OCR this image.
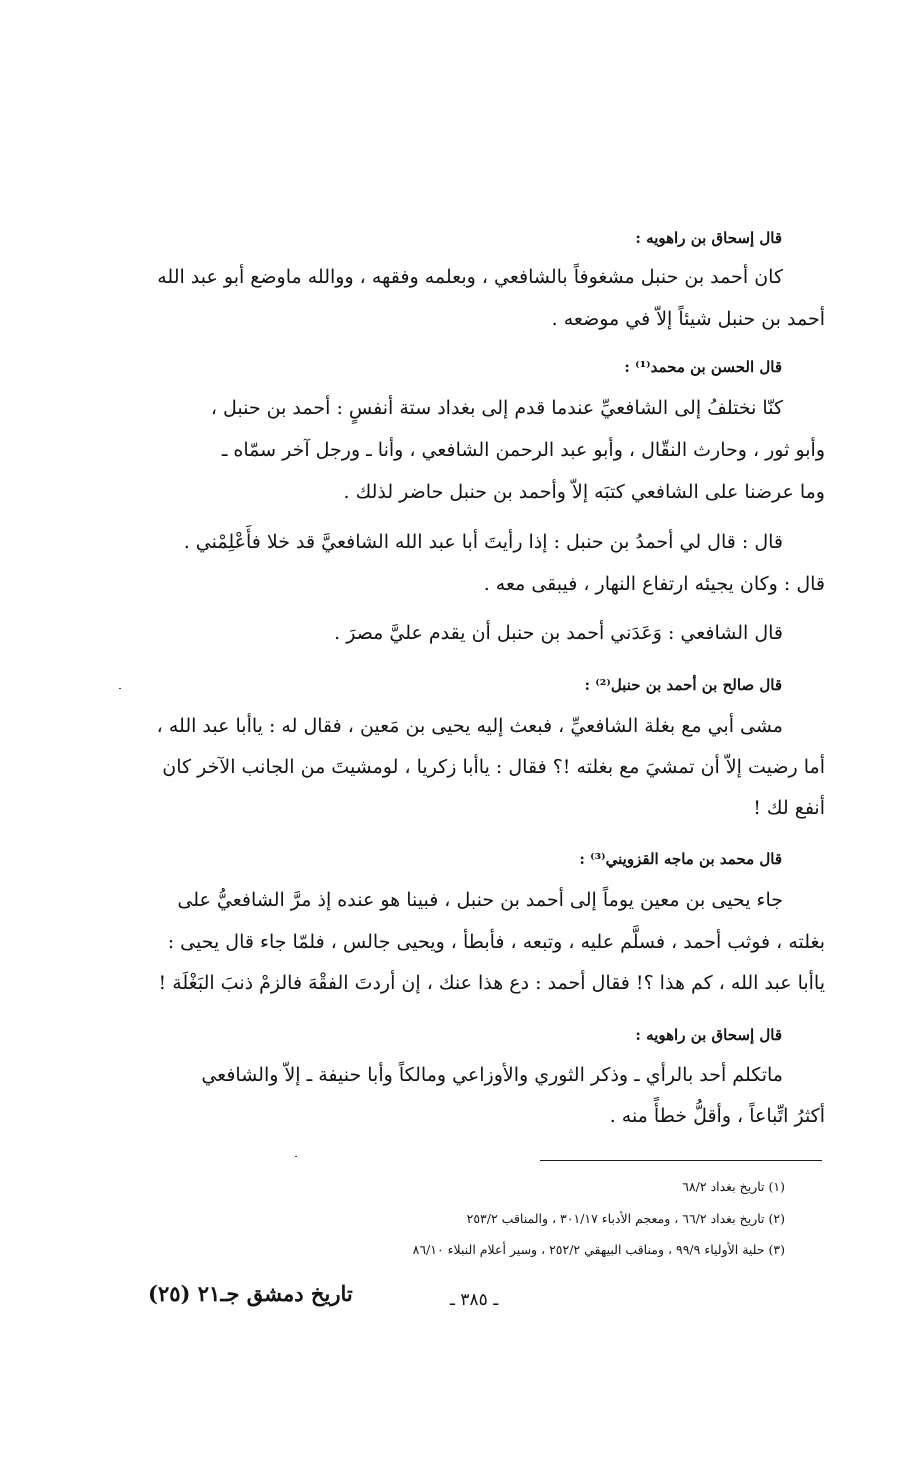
قال إسحاق بن راهويه :
كان أحمد بن حنبل مشغوفاً بالشافعي ، وبعلمه وفقهه ، ووالله ماوضع أبو عبد الله
أحمد بن حنبل شيئاً إلاّ في موضعه .
قال الحسن بن محمد⁽¹⁾ :
كنّا نختلفُ إلى الشافعيِّ عندما قدم إلى بغداد ستة أنفسٍ : أحمد بن حنبل ،
وأبو ثور ، وحارث النقّال ، وأبو عبد الرحمن الشافعي ، وأنا ـ ورجل آخر سمّاه ـ
وما عرضنا على الشافعي كتبَه إلاّ وأحمد بن حنبل حاضر لذلك .
قال : قال لي أحمدُ بن حنبل : إذا رأيتَ أبا عبد الله الشافعيَّ قد خلا فأَعْلِمْني .
قال : وكان يجيئه ارتفاع النهار ، فيبقى معه .
قال الشافعي : وَعَدَني أحمد بن حنبل أن يقدم عليَّ مصرَ .
قال صالح بن أحمد بن حنبل⁽²⁾ :
مشى أبي مع بغلة الشافعيِّ ، فبعث إليه يحيى بن مَعين ، فقال له : ياأبا عبد الله ،
أما رضيت إلاّ أن تمشيَ مع بغلته !؟ فقال : ياأبا زكريا ، لومشيتَ من الجانب الآخر كان
أنفع لك !
قال محمد بن ماجه القزويني⁽³⁾ :
جاء يحيى بن معين يوماً إلى أحمد بن حنبل ، فبينا هو عنده إذ مرَّ الشافعيُّ على
بغلته ، فوثب أحمد ، فسلَّم عليه ، وتبعه ، فأبطأ ، ويحيى جالس ، فلمّا جاء قال يحيى :
ياأبا عبد الله ، كم هذا ؟! فقال أحمد : دع هذا عنك ، إن أردتَ الفقْهَ فالزمْ ذنبَ البَغْلَة !
قال إسحاق بن راهويه :
ماتكلم أحد بالرأي ـ وذكر الثوري والأوزاعي ومالكاً وأبا حنيفة ـ إلاّ والشافعي
أكثرُ اتِّباعاً ، وأقلُّ خطأً منه .
(١) تاريخ بغداد ٦٨/٢
(٢) تاريخ بغداد ٦٦/٢ ، ومعجم الأدباء ٣٠١/١٧ ، والمناقب ٢٥٣/٢
(٣) حلية الأولياء ٩٩/٩ ، ومناقب البيهقي ٢٥٢/٢ ، وسير أعلام النبلاء ٨٦/١٠
تاريخ دمشق جـ٢١ (٢٥)	ـ ٣٨٥ ـ
